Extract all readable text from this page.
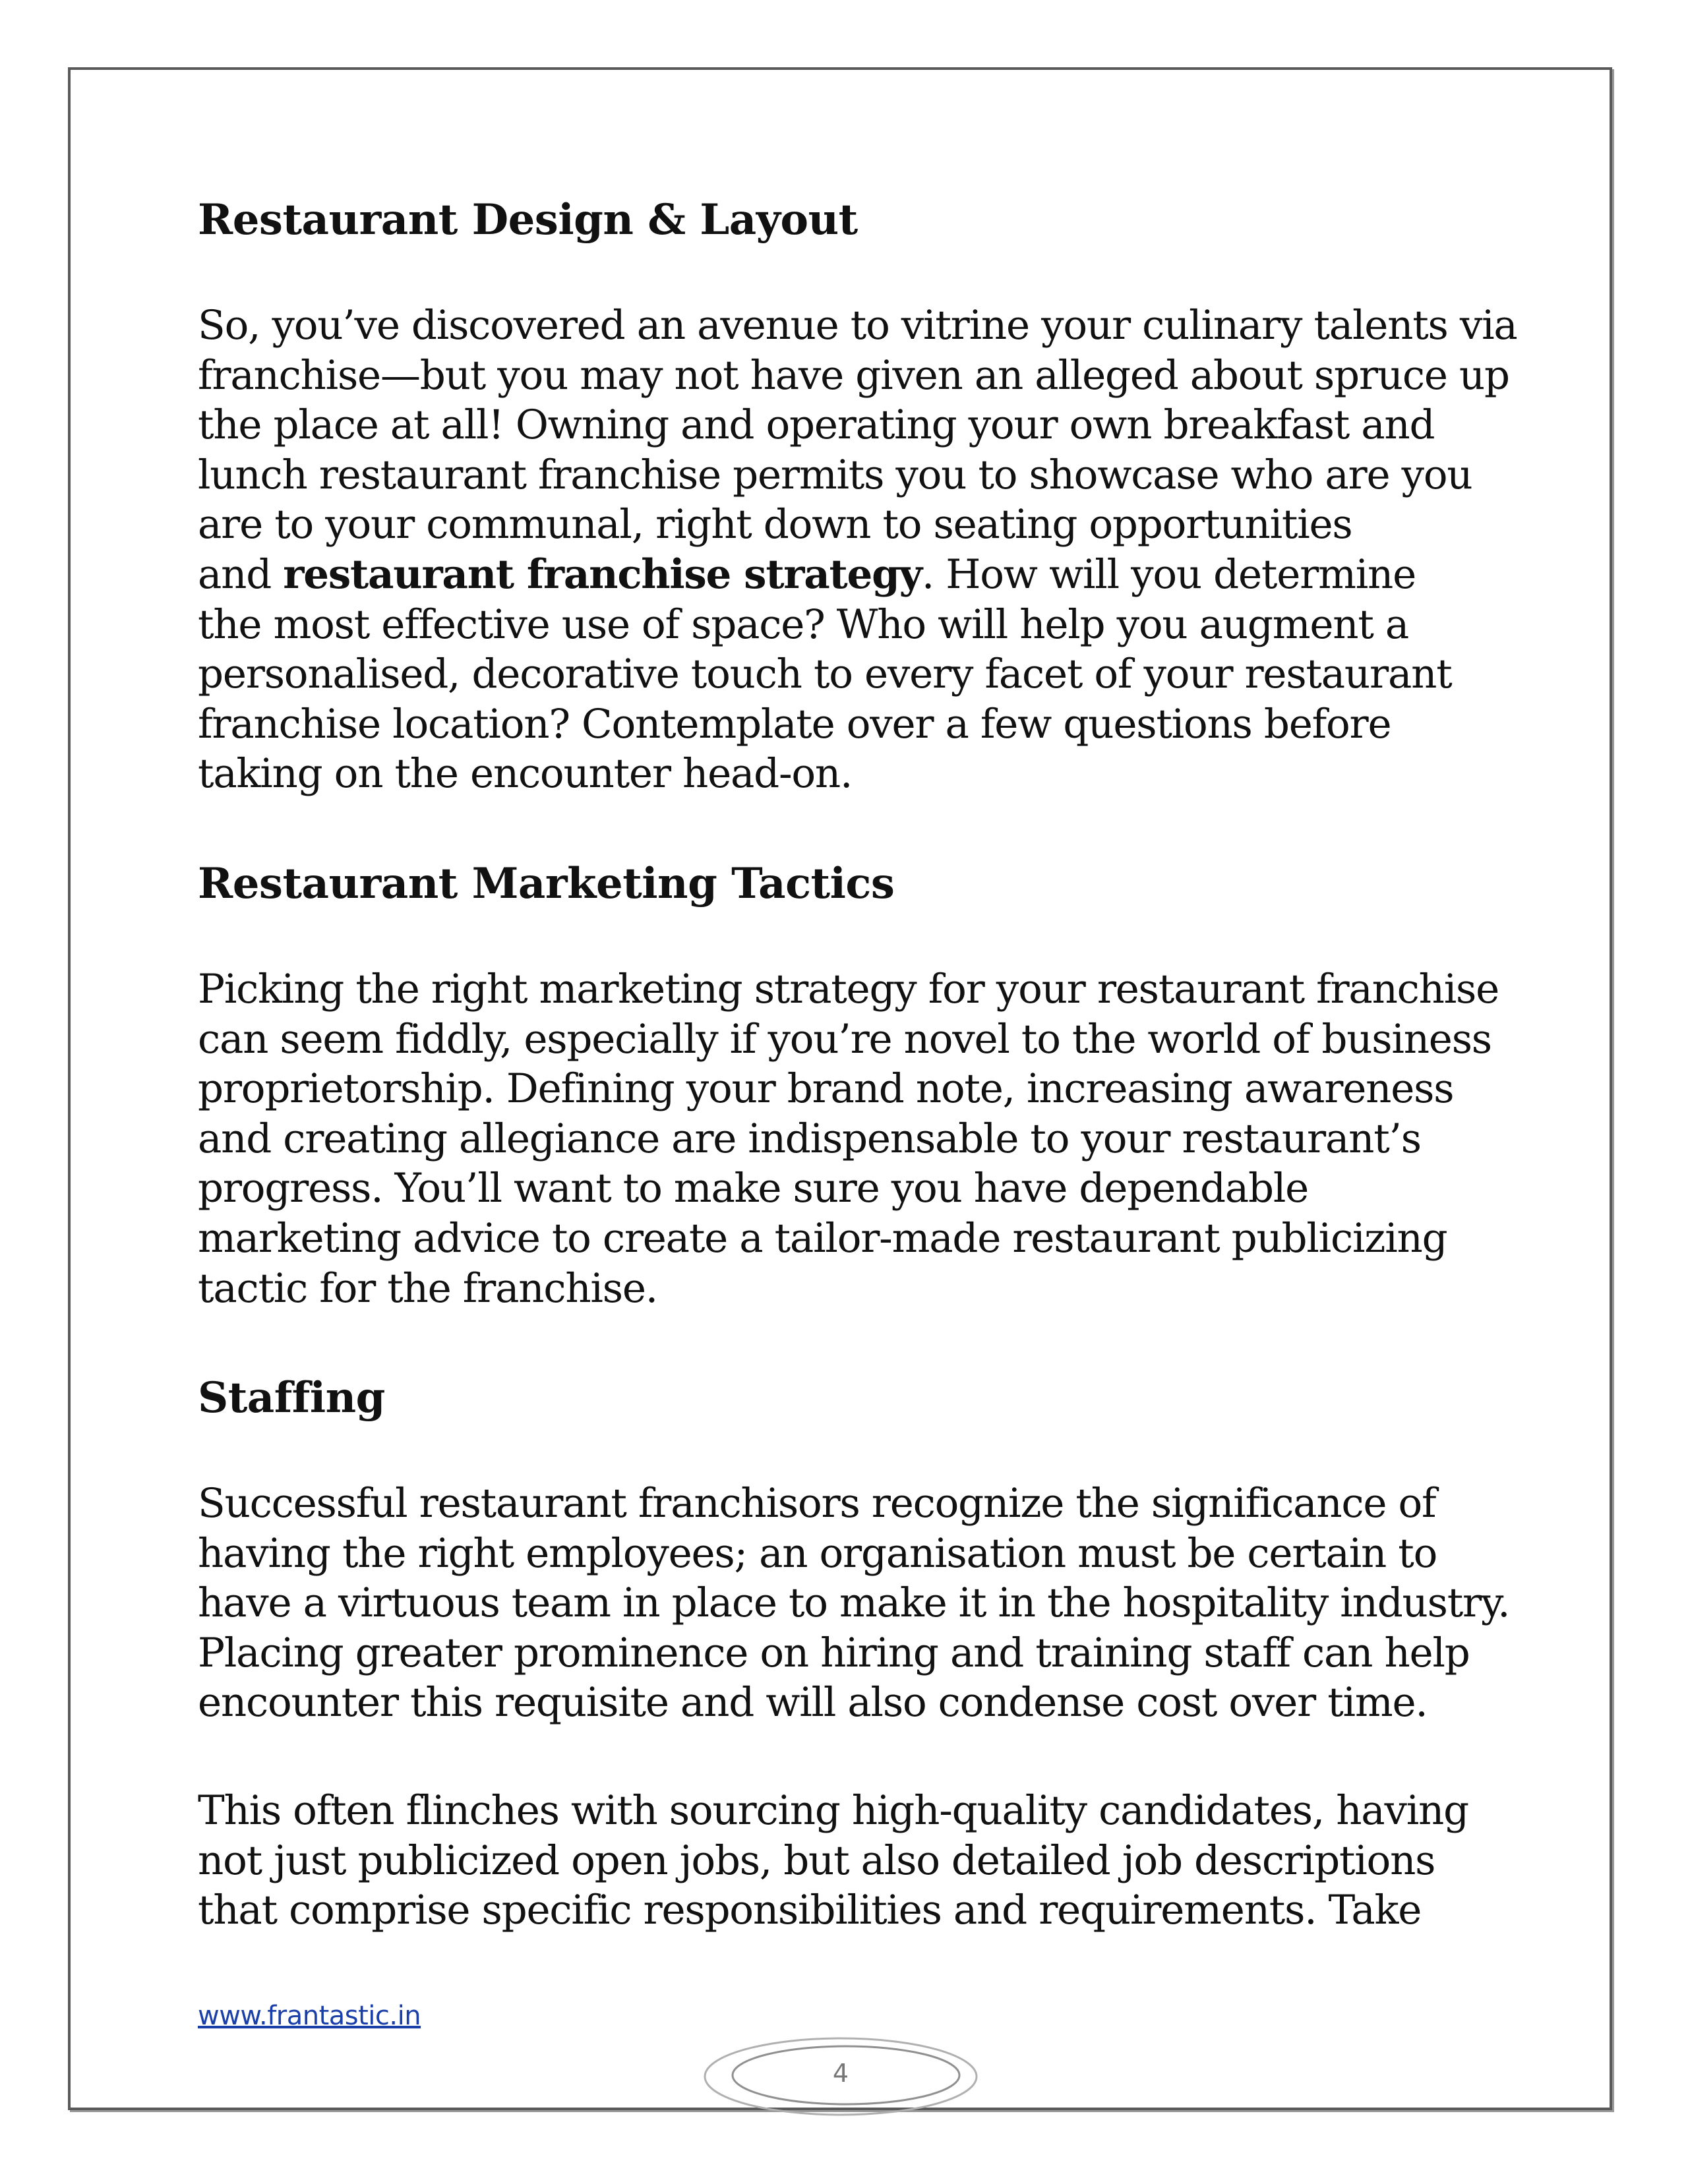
Restaurant Design & Layout

So, you’ve discovered an avenue to vitrine your culinary talents via
franchise—but you may not have given an alleged about spruce up
the place at all! Owning and operating your own breakfast and
lunch restaurant franchise permits you to showcase who are you
are to your communal, right down to seating opportunities
and restaurant franchise strategy. How will you determine
the most effective use of space? Who will help you augment a
personalised, decorative touch to every facet of your restaurant
franchise location? Contemplate over a few questions before
taking on the encounter head-on.

Restaurant Marketing Tactics

Picking the right marketing strategy for your restaurant franchise
can seem fiddly, especially if you’re novel to the world of business
proprietorship. Defining your brand note, increasing awareness
and creating allegiance are indispensable to your restaurant’s
progress. You’ll want to make sure you have dependable
marketing advice to create a tailor-made restaurant publicizing
tactic for the franchise.

Staffing

Successful restaurant franchisors recognize the significance of
having the right employees; an organisation must be certain to
have a virtuous team in place to make it in the hospitality industry.
Placing greater prominence on hiring and training staff can help
encounter this requisite and will also condense cost over time.

This often flinches with sourcing high-quality candidates, having
not just publicized open jobs, but also detailed job descriptions
that comprise specific responsibilities and requirements. Take

www.frantastic.in
4
